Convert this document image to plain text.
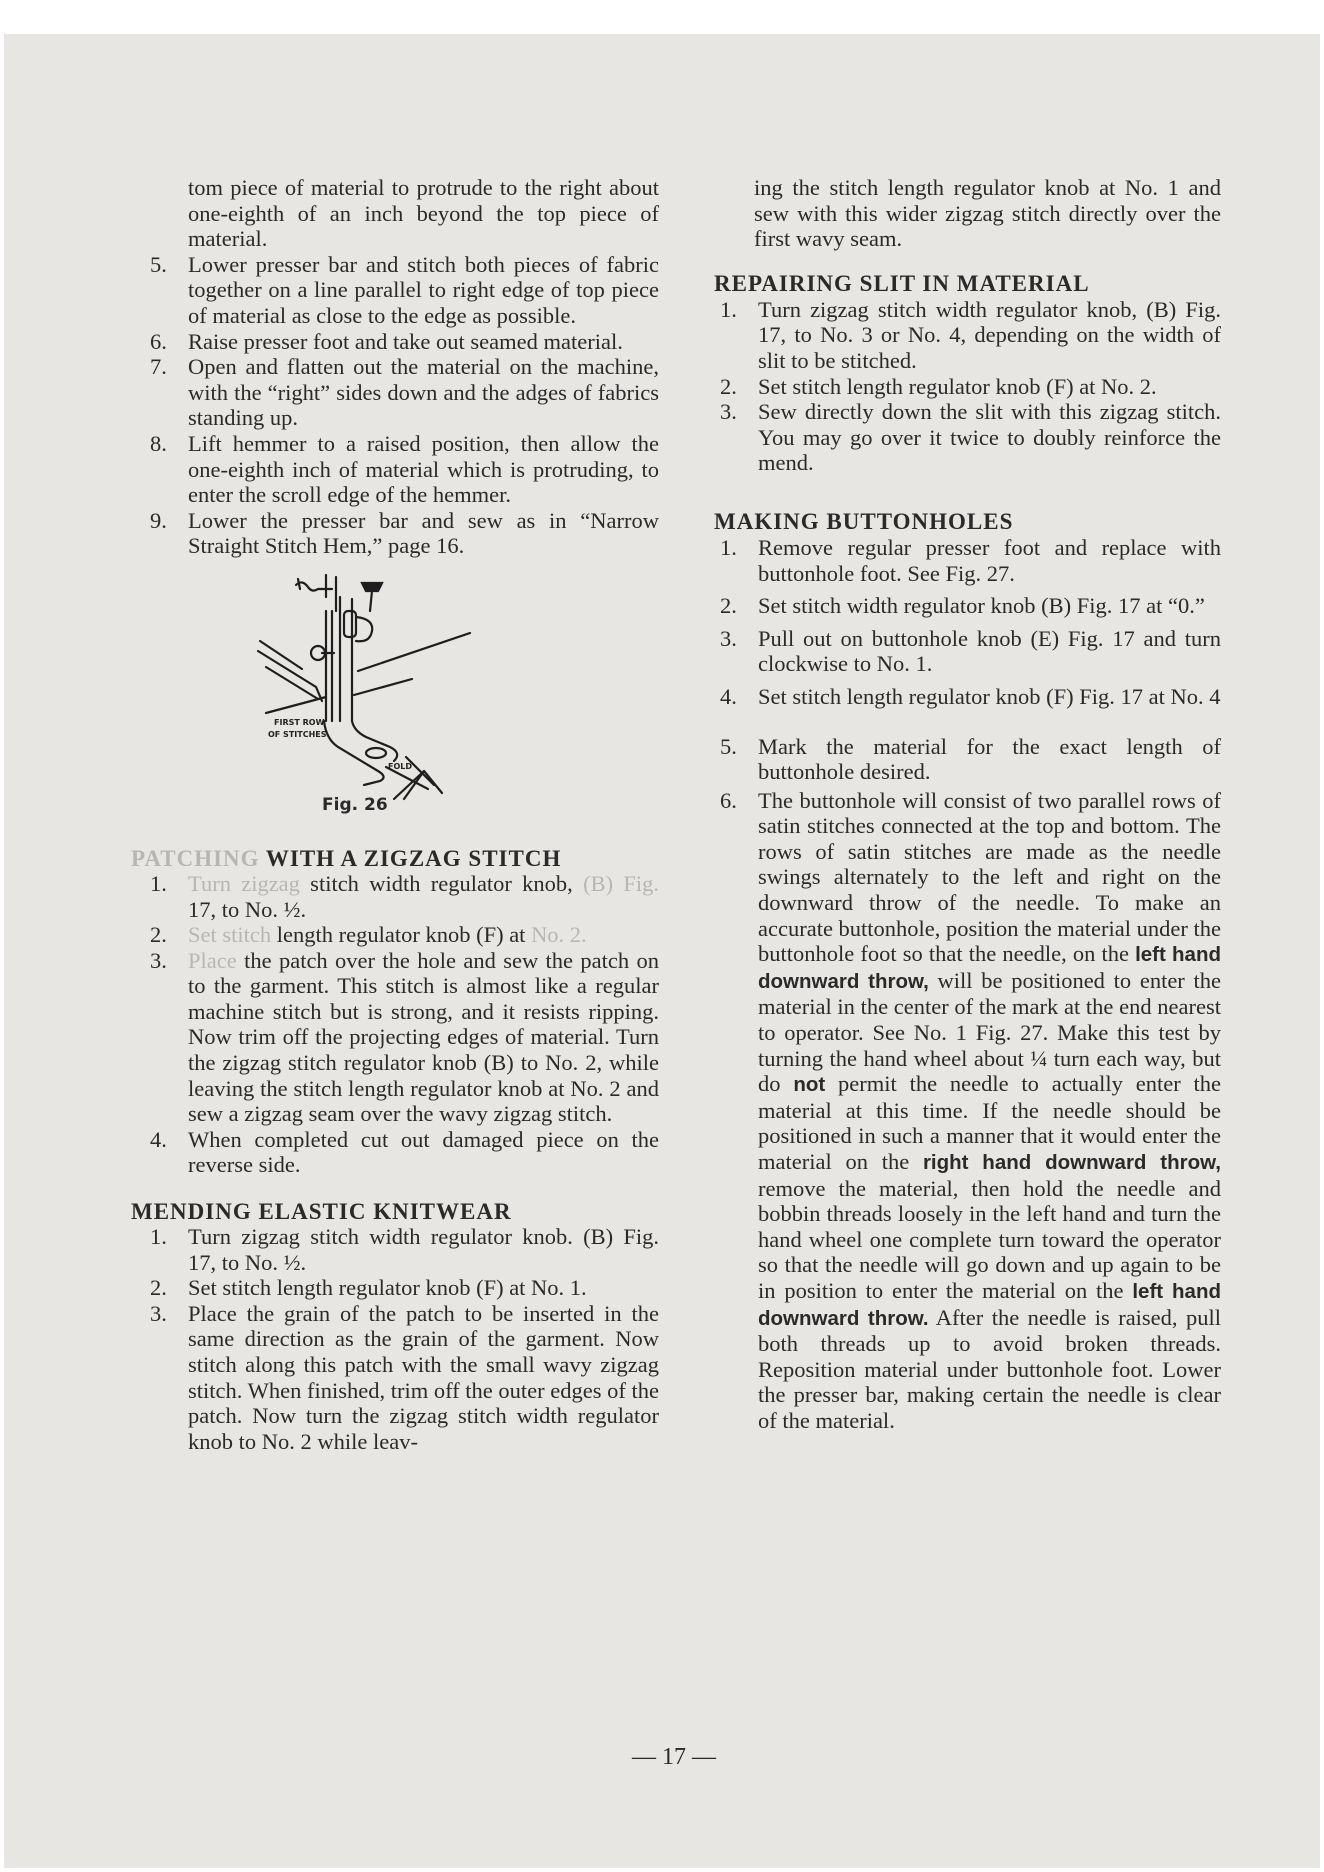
tom piece of material to protrude to the right about one-eighth of an inch beyond the top piece of material.

5. Lower presser bar and stitch both pieces of fabric together on a line parallel to right edge of top piece of material as close to the edge as possible.
6. Raise presser foot and take out seamed material.
7. Open and flatten out the material on the machine, with the “right” sides down and the adges of fabrics standing up.
8. Lift hemmer to a raised position, then allow the one-eighth inch of material which is protruding, to enter the scroll edge of the hemmer.
9. Lower the presser bar and sew as in “Narrow Straight Stitch Hem,” page 16.
FIRST ROW
OF STITCHES
FOLD
Fig. 26
PATCHING WITH A ZIGZAG STITCH
1. Turn zigzag stitch width regulator knob, (B) Fig. 17, to No. ½.
2. Set stitch length regulator knob (F) at No. 2.
3. Place the patch over the hole and sew the patch on to the garment. This stitch is almost like a regular machine stitch but is strong, and it resists ripping. Now trim off the projecting edges of material. Turn the zigzag stitch regulator knob (B) to No. 2, while leaving the stitch length regulator knob at No. 2 and sew a zigzag seam over the wavy zigzag stitch.
4. When completed cut out damaged piece on the reverse side.
MENDING ELASTIC KNITWEAR
1. Turn zigzag stitch width regulator knob. (B) Fig. 17, to No. ½.
2. Set stitch length regulator knob (F) at No. 1.
3. Place the grain of the patch to be inserted in the same direction as the grain of the garment. Now stitch along this patch with the small wavy zigzag stitch. When finished, trim off the outer edges of the patch. Now turn the zigzag stitch width regulator knob to No. 2 while leav-

ing the stitch length regulator knob at No. 1 and sew with this wider zigzag stitch directly over the first wavy seam.

REPAIRING SLIT IN MATERIAL
1. Turn zigzag stitch width regulator knob, (B) Fig. 17, to No. 3 or No. 4, depending on the width of slit to be stitched.
2. Set stitch length regulator knob (F) at No. 2.
3. Sew directly down the slit with this zigzag stitch. You may go over it twice to doubly reinforce the mend.
MAKING BUTTONHOLES
1. Remove regular presser foot and replace with buttonhole foot. See Fig. 27.
2. Set stitch width regulator knob (B) Fig. 17 at “0.”
3. Pull out on buttonhole knob (E) Fig. 17 and turn clockwise to No. 1.
4. Set stitch length regulator knob (F) Fig. 17 at No. 4
5. Mark the material for the exact length of buttonhole desired.
6. The buttonhole will consist of two parallel rows of satin stitches connected at the top and bottom. The rows of satin stitches are made as the needle swings alternately to the left and right on the downward throw of the needle. To make an accurate buttonhole, position the material under the buttonhole foot so that the needle, on the left hand downward throw, will be positioned to enter the material in the center of the mark at the end nearest to operator. See No. 1 Fig. 27. Make this test by turning the hand wheel about ¼ turn each way, but do not permit the needle to actually enter the material at this time. If the needle should be positioned in such a manner that it would enter the material on the right hand downward throw, remove the material, then hold the needle and bobbin threads loosely in the left hand and turn the hand wheel one complete turn toward the operator so that the needle will go down and up again to be in position to enter the material on the left hand downward throw. After the needle is raised, pull both threads up to avoid broken threads. Reposition material under buttonhole foot. Lower the presser bar, making certain the needle is clear of the material.
— 17 —
